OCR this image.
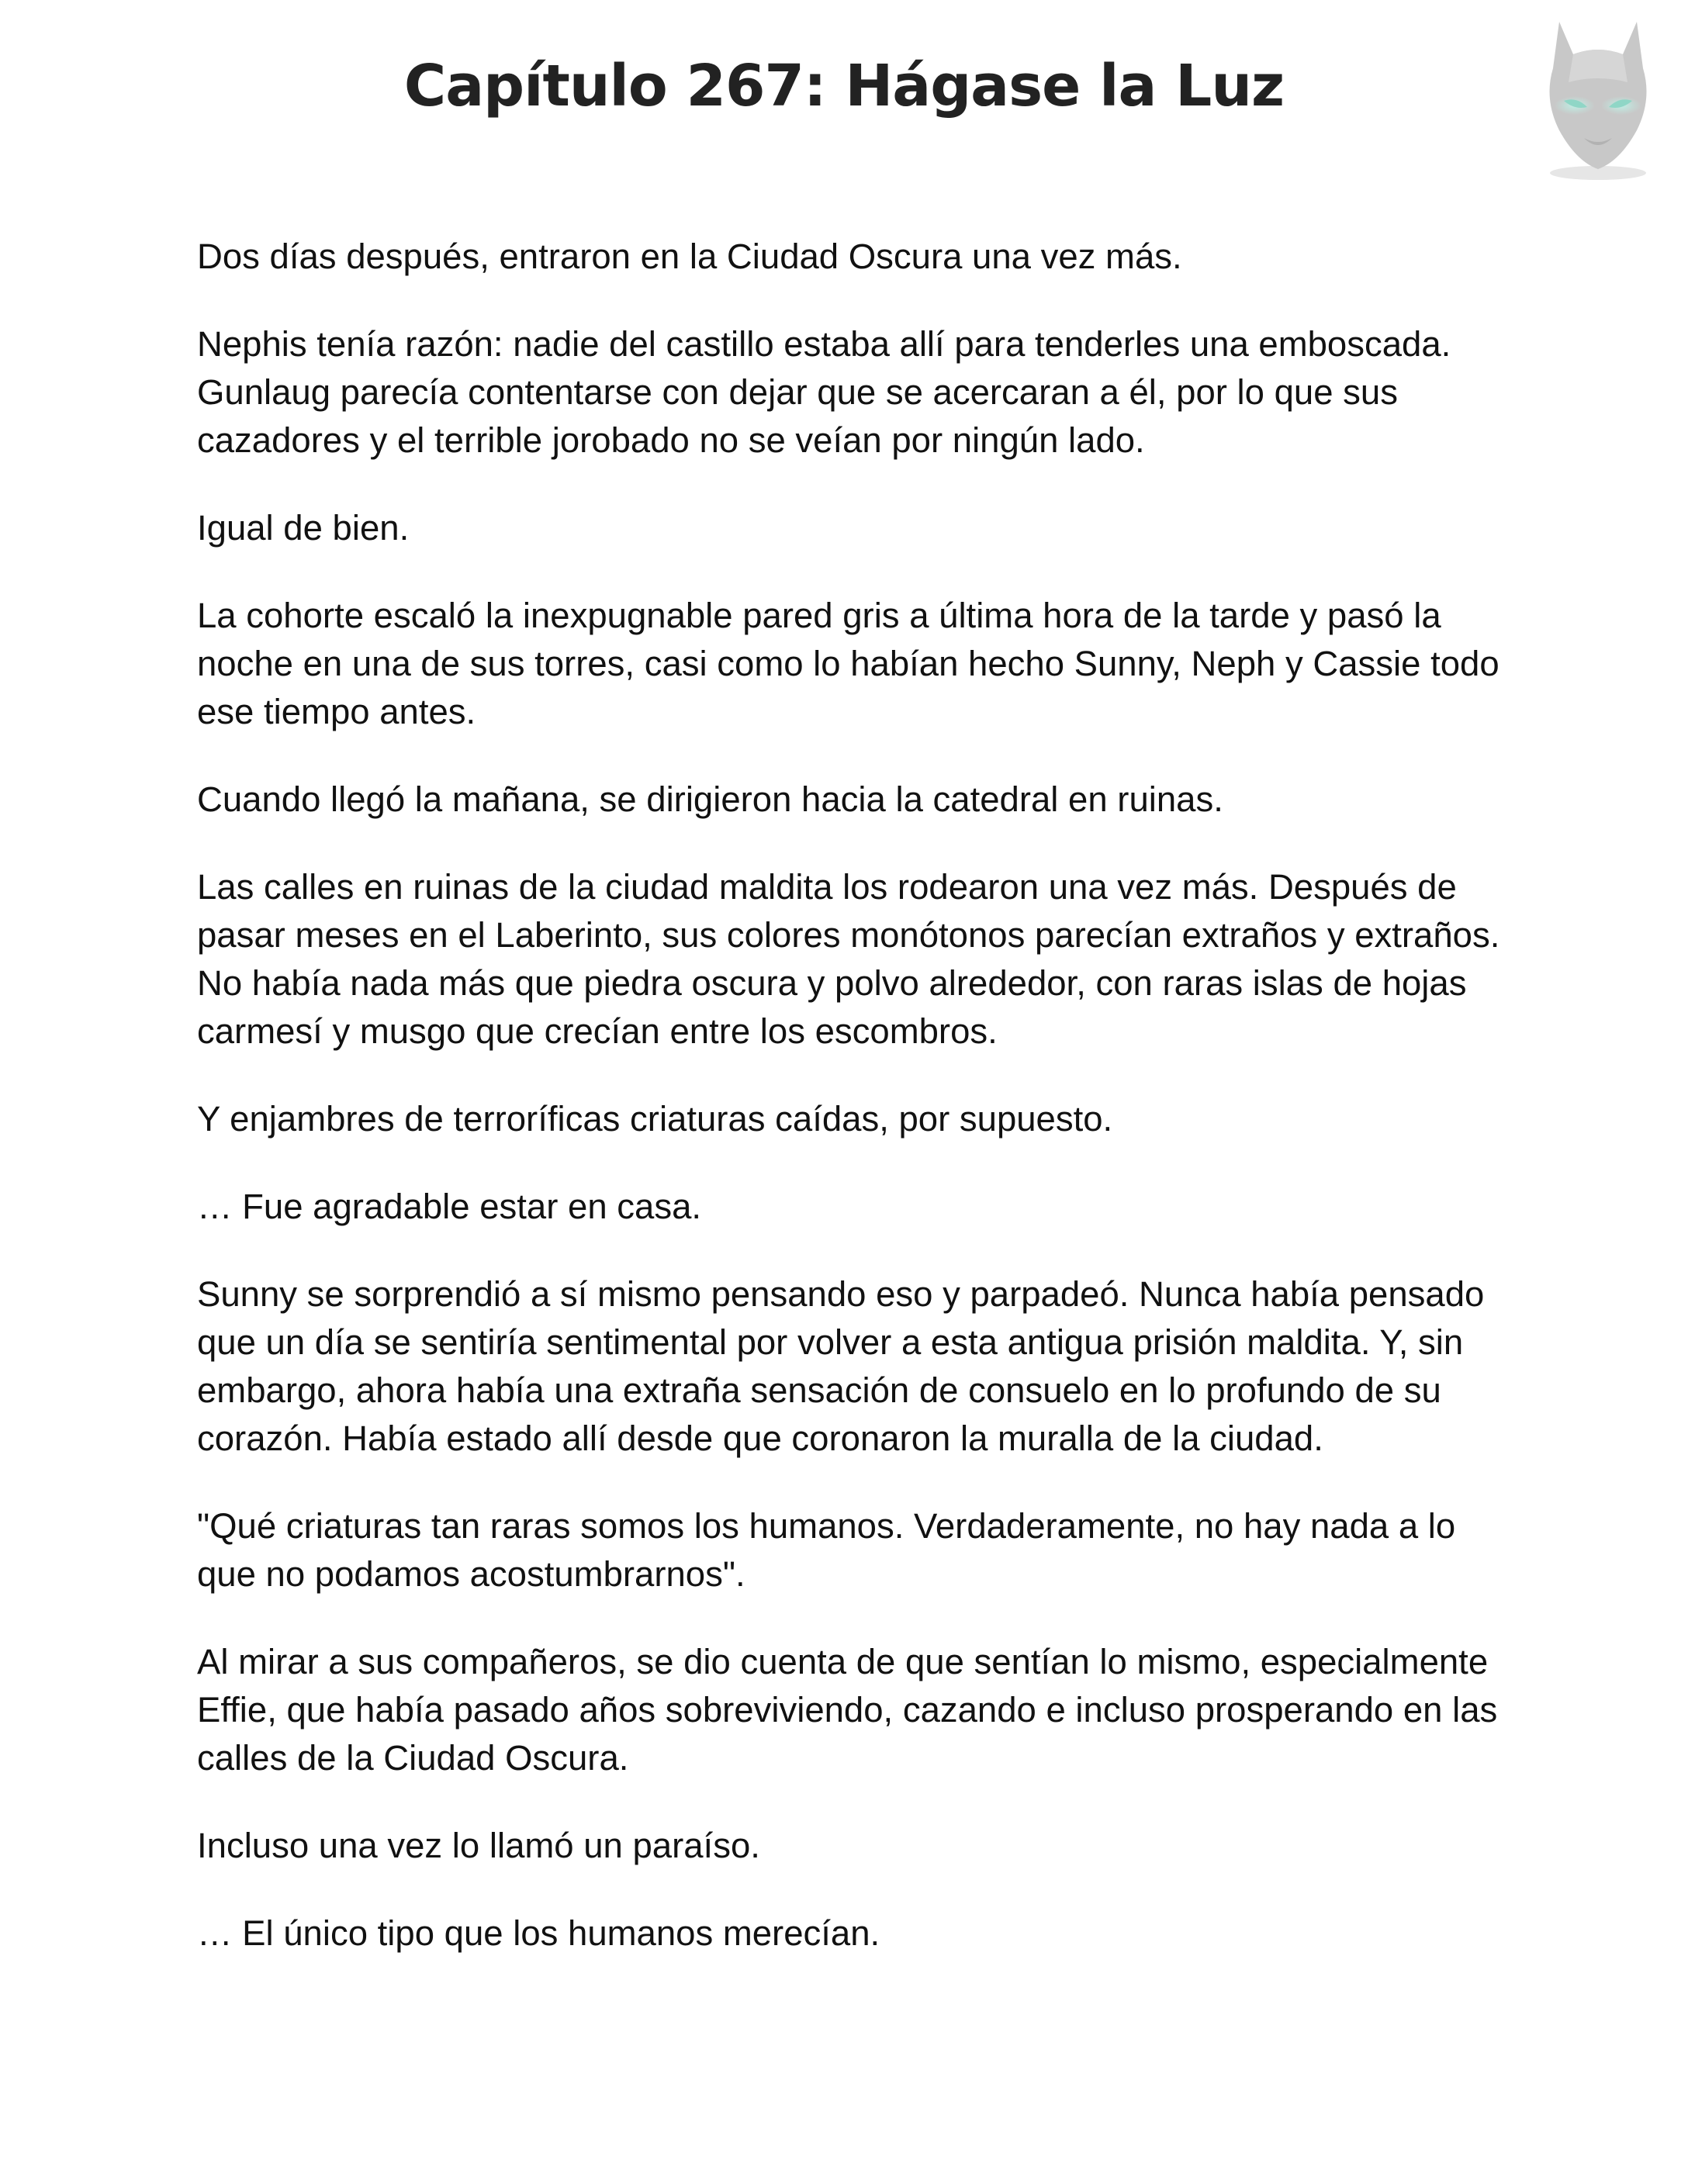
Capítulo 267: Hágase la Luz

Dos días después, entraron en la Ciudad Oscura una vez más.

Nephis tenía razón: nadie del castillo estaba allí para tenderles una emboscada. Gunlaug parecía contentarse con dejar que se acercaran a él, por lo que sus cazadores y el terrible jorobado no se veían por ningún lado.

Igual de bien.

La cohorte escaló la inexpugnable pared gris a última hora de la tarde y pasó la noche en una de sus torres, casi como lo habían hecho Sunny, Neph y Cassie todo ese tiempo antes.

Cuando llegó la mañana, se dirigieron hacia la catedral en ruinas.

Las calles en ruinas de la ciudad maldita los rodearon una vez más. Después de pasar meses en el Laberinto, sus colores monótonos parecían extraños y extraños. No había nada más que piedra oscura y polvo alrededor, con raras islas de hojas carmesí y musgo que crecían entre los escombros.

Y enjambres de terroríficas criaturas caídas, por supuesto.

… Fue agradable estar en casa.

Sunny se sorprendió a sí mismo pensando eso y parpadeó. Nunca había pensado que un día se sentiría sentimental por volver a esta antigua prisión maldita. Y, sin embargo, ahora había una extraña sensación de consuelo en lo profundo de su corazón. Había estado allí desde que coronaron la muralla de la ciudad.

"Qué criaturas tan raras somos los humanos. Verdaderamente, no hay nada a lo que no podamos acostumbrarnos".

Al mirar a sus compañeros, se dio cuenta de que sentían lo mismo, especialmente Effie, que había pasado años sobreviviendo, cazando e incluso prosperando en las calles de la Ciudad Oscura.

Incluso una vez lo llamó un paraíso.

… El único tipo que los humanos merecían.
